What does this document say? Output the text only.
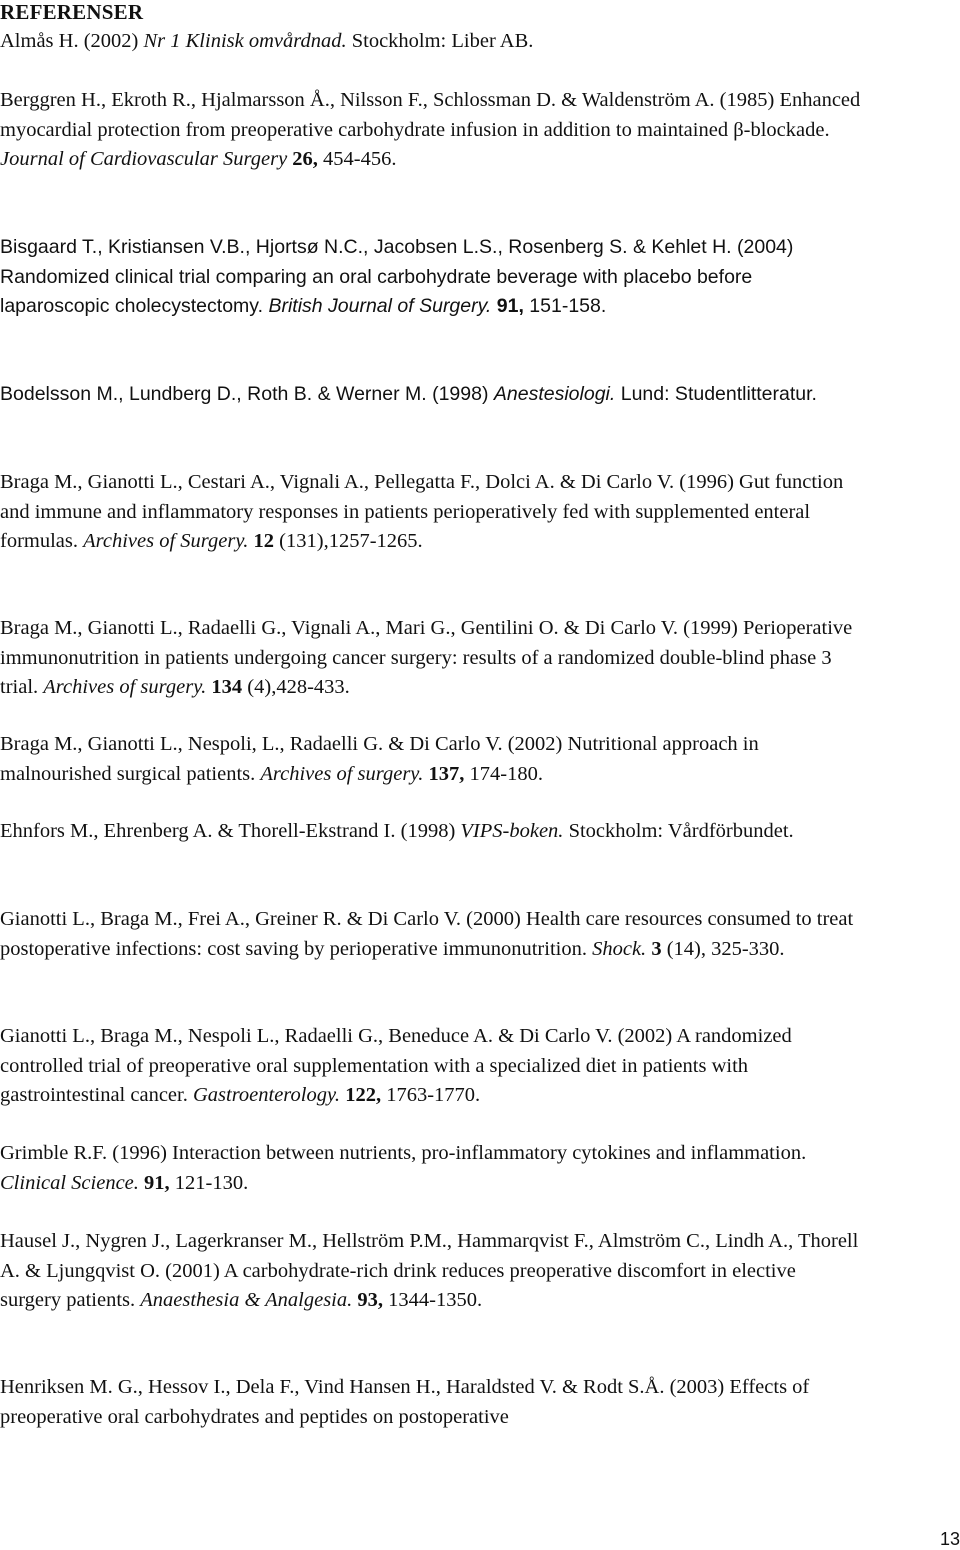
REFERENSER

Almås H. (2002) Nr 1 Klinisk omvårdnad. Stockholm: Liber AB.

Berggren H., Ekroth R., Hjalmarsson Å., Nilsson F., Schlossman D. & Waldenström A. (1985) Enhanced myocardial protection from preoperative carbohydrate infusion in addition to maintained β-blockade. Journal of Cardiovascular Surgery 26, 454-456.

Bisgaard T., Kristiansen V.B., Hjortsø N.C., Jacobsen L.S., Rosenberg S. & Kehlet H. (2004) Randomized clinical trial comparing an oral carbohydrate beverage with placebo before laparoscopic cholecystectomy. British Journal of Surgery. 91, 151-158.

Bodelsson M., Lundberg D., Roth B. & Werner M. (1998) Anestesiologi. Lund: Studentlitteratur.

Braga M., Gianotti L., Cestari A., Vignali A., Pellegatta F., Dolci A. & Di Carlo V. (1996) Gut function and immune and inflammatory responses in patients perioperatively fed with supplemented enteral formulas. Archives of Surgery. 12 (131),1257-1265.

Braga M., Gianotti L., Radaelli G., Vignali A., Mari G., Gentilini O. & Di Carlo V. (1999) Perioperative immunonutrition in patients undergoing cancer surgery: results of a randomized double-blind phase 3 trial. Archives of surgery. 134 (4),428-433.

Braga M., Gianotti L., Nespoli, L., Radaelli G. & Di Carlo V. (2002) Nutritional approach in malnourished surgical patients. Archives of surgery. 137, 174-180.

Ehnfors M., Ehrenberg A. & Thorell-Ekstrand I. (1998) VIPS-boken. Stockholm: Vårdförbundet.

Gianotti L., Braga M., Frei A., Greiner R. & Di Carlo V. (2000) Health care resources consumed to treat postoperative infections: cost saving by perioperative immunonutrition. Shock. 3 (14), 325-330.

Gianotti L., Braga M., Nespoli L., Radaelli G., Beneduce A. & Di Carlo V. (2002) A randomized controlled trial of preoperative oral supplementation with a specialized diet in patients with gastrointestinal cancer. Gastroenterology. 122, 1763-1770.

Grimble R.F. (1996) Interaction between nutrients, pro-inflammatory cytokines and inflammation. Clinical Science. 91, 121-130.

Hausel J., Nygren J., Lagerkranser M., Hellström P.M., Hammarqvist F., Almström C., Lindh A., Thorell A. & Ljungqvist O. (2001) A carbohydrate-rich drink reduces preoperative discomfort in elective surgery patients. Anaesthesia & Analgesia. 93, 1344-1350.

Henriksen M. G., Hessov I., Dela F., Vind Hansen H., Haraldsted V. & Rodt S.Å. (2003) Effects of preoperative oral carbohydrates and peptides on postoperative

13
